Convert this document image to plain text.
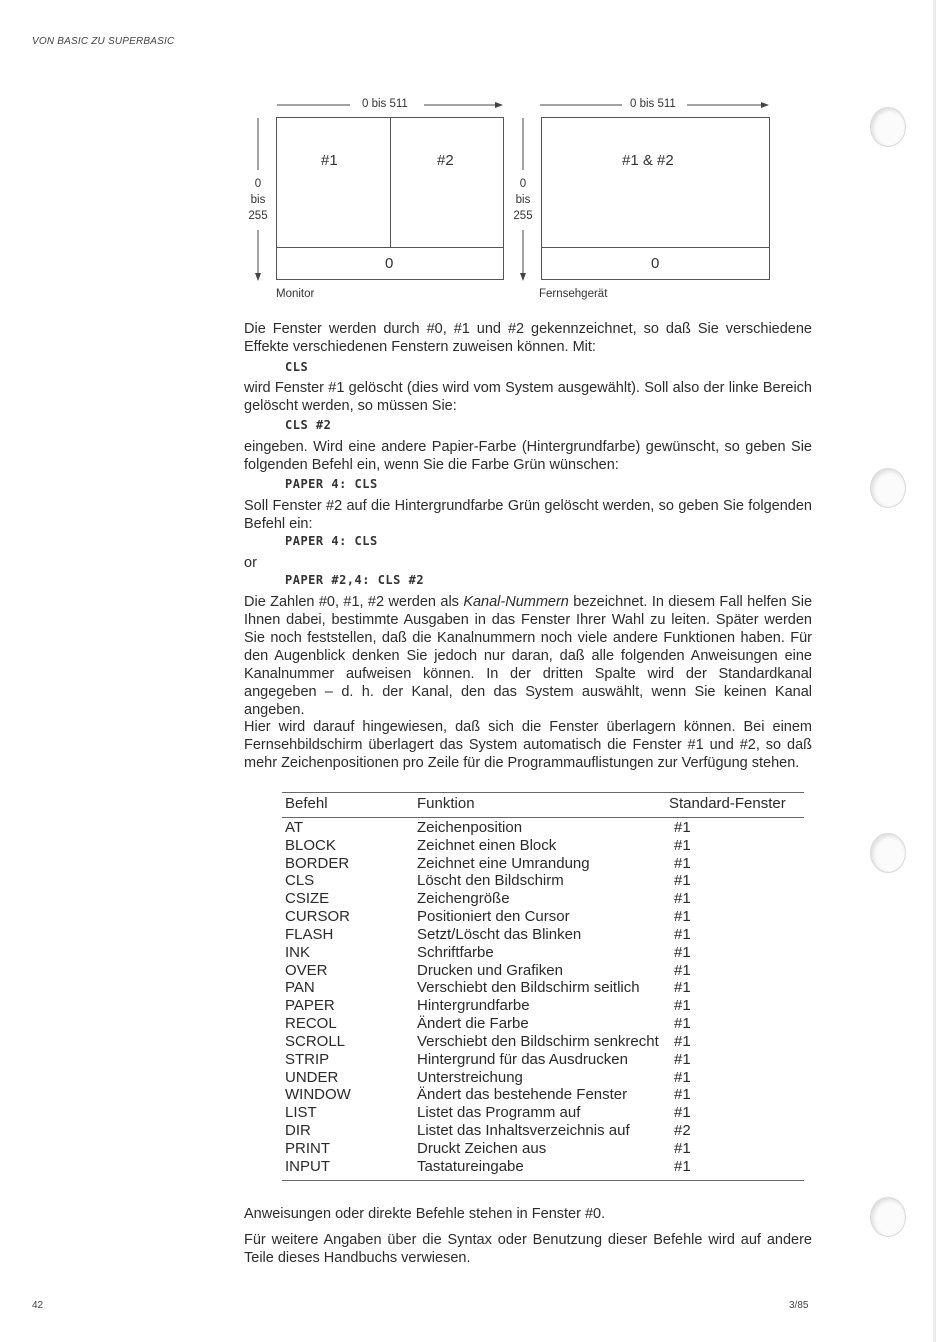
VON BASIC ZU SUPERBASIC
0 bis 511
0
bis
255
#1	#2
0
Monitor
0 bis 511
0
bis
255
#1 & #2
0
Fernsehgerät
Die Fenster werden durch #0, #1 und #2 gekennzeichnet, so daß Sie verschiedene Effekte verschiedenen Fenstern zuweisen können. Mit:
CLS
wird Fenster #1 gelöscht (dies wird vom System ausgewählt). Soll also der linke Bereich gelöscht werden, so müssen Sie:
CLS #2
eingeben. Wird eine andere Papier-Farbe (Hintergrundfarbe) gewünscht, so geben Sie folgenden Befehl ein, wenn Sie die Farbe Grün wünschen:
PAPER 4: CLS
Soll Fenster #2 auf die Hintergrundfarbe Grün gelöscht werden, so geben Sie folgenden Befehl ein:
PAPER 4: CLS
or
PAPER #2,4: CLS #2
Die Zahlen #0, #1, #2 werden als Kanal-Nummern bezeichnet. In diesem Fall helfen Sie Ihnen dabei, bestimmte Ausgaben in das Fenster Ihrer Wahl zu leiten. Später werden Sie noch feststellen, daß die Kanalnummern noch viele andere Funktionen haben. Für den Augenblick denken Sie jedoch nur daran, daß alle folgenden Anweisungen eine Kanalnummer aufweisen können. In der dritten Spalte wird der Standardkanal angegeben – d. h. der Kanal, den das System auswählt, wenn Sie keinen Kanal angeben.
Hier wird darauf hingewiesen, daß sich die Fenster überlagern können. Bei einem Fernsehbildschirm überlagert das System automatisch die Fenster #1 und #2, so daß mehr Zeichenpositionen pro Zeile für die Programmauflistungen zur Verfügung stehen.
Befehl	Funktion	Standard-Fenster
AT	Zeichenposition	#1
BLOCK	Zeichnet einen Block	#1
BORDER	Zeichnet eine Umrandung	#1
CLS	Löscht den Bildschirm	#1
CSIZE	Zeichengröße	#1
CURSOR	Positioniert den Cursor	#1
FLASH	Setzt/Löscht das Blinken	#1
INK	Schriftfarbe	#1
OVER	Drucken und Grafiken	#1
PAN	Verschiebt den Bildschirm seitlich #1
PAPER	Hintergrundfarbe	#1
RECOL	Ändert die Farbe	#1
SCROLL	Verschiebt den Bildschirm senkrecht #1
STRIP	Hintergrund für das Ausdrucken	#1
UNDER	Unterstreichung	#1
WINDOW	Ändert das bestehende Fenster	#1
LIST	Listet das Programm auf	#1
DIR	Listet das Inhaltsverzeichnis auf	#2
PRINT	Druckt Zeichen aus	#1
INPUT	Tastatureingabe	#1
Anweisungen oder direkte Befehle stehen in Fenster #0.
Für weitere Angaben über die Syntax oder Benutzung dieser Befehle wird auf andere Teile dieses Handbuchs verwiesen.
42	3/85
